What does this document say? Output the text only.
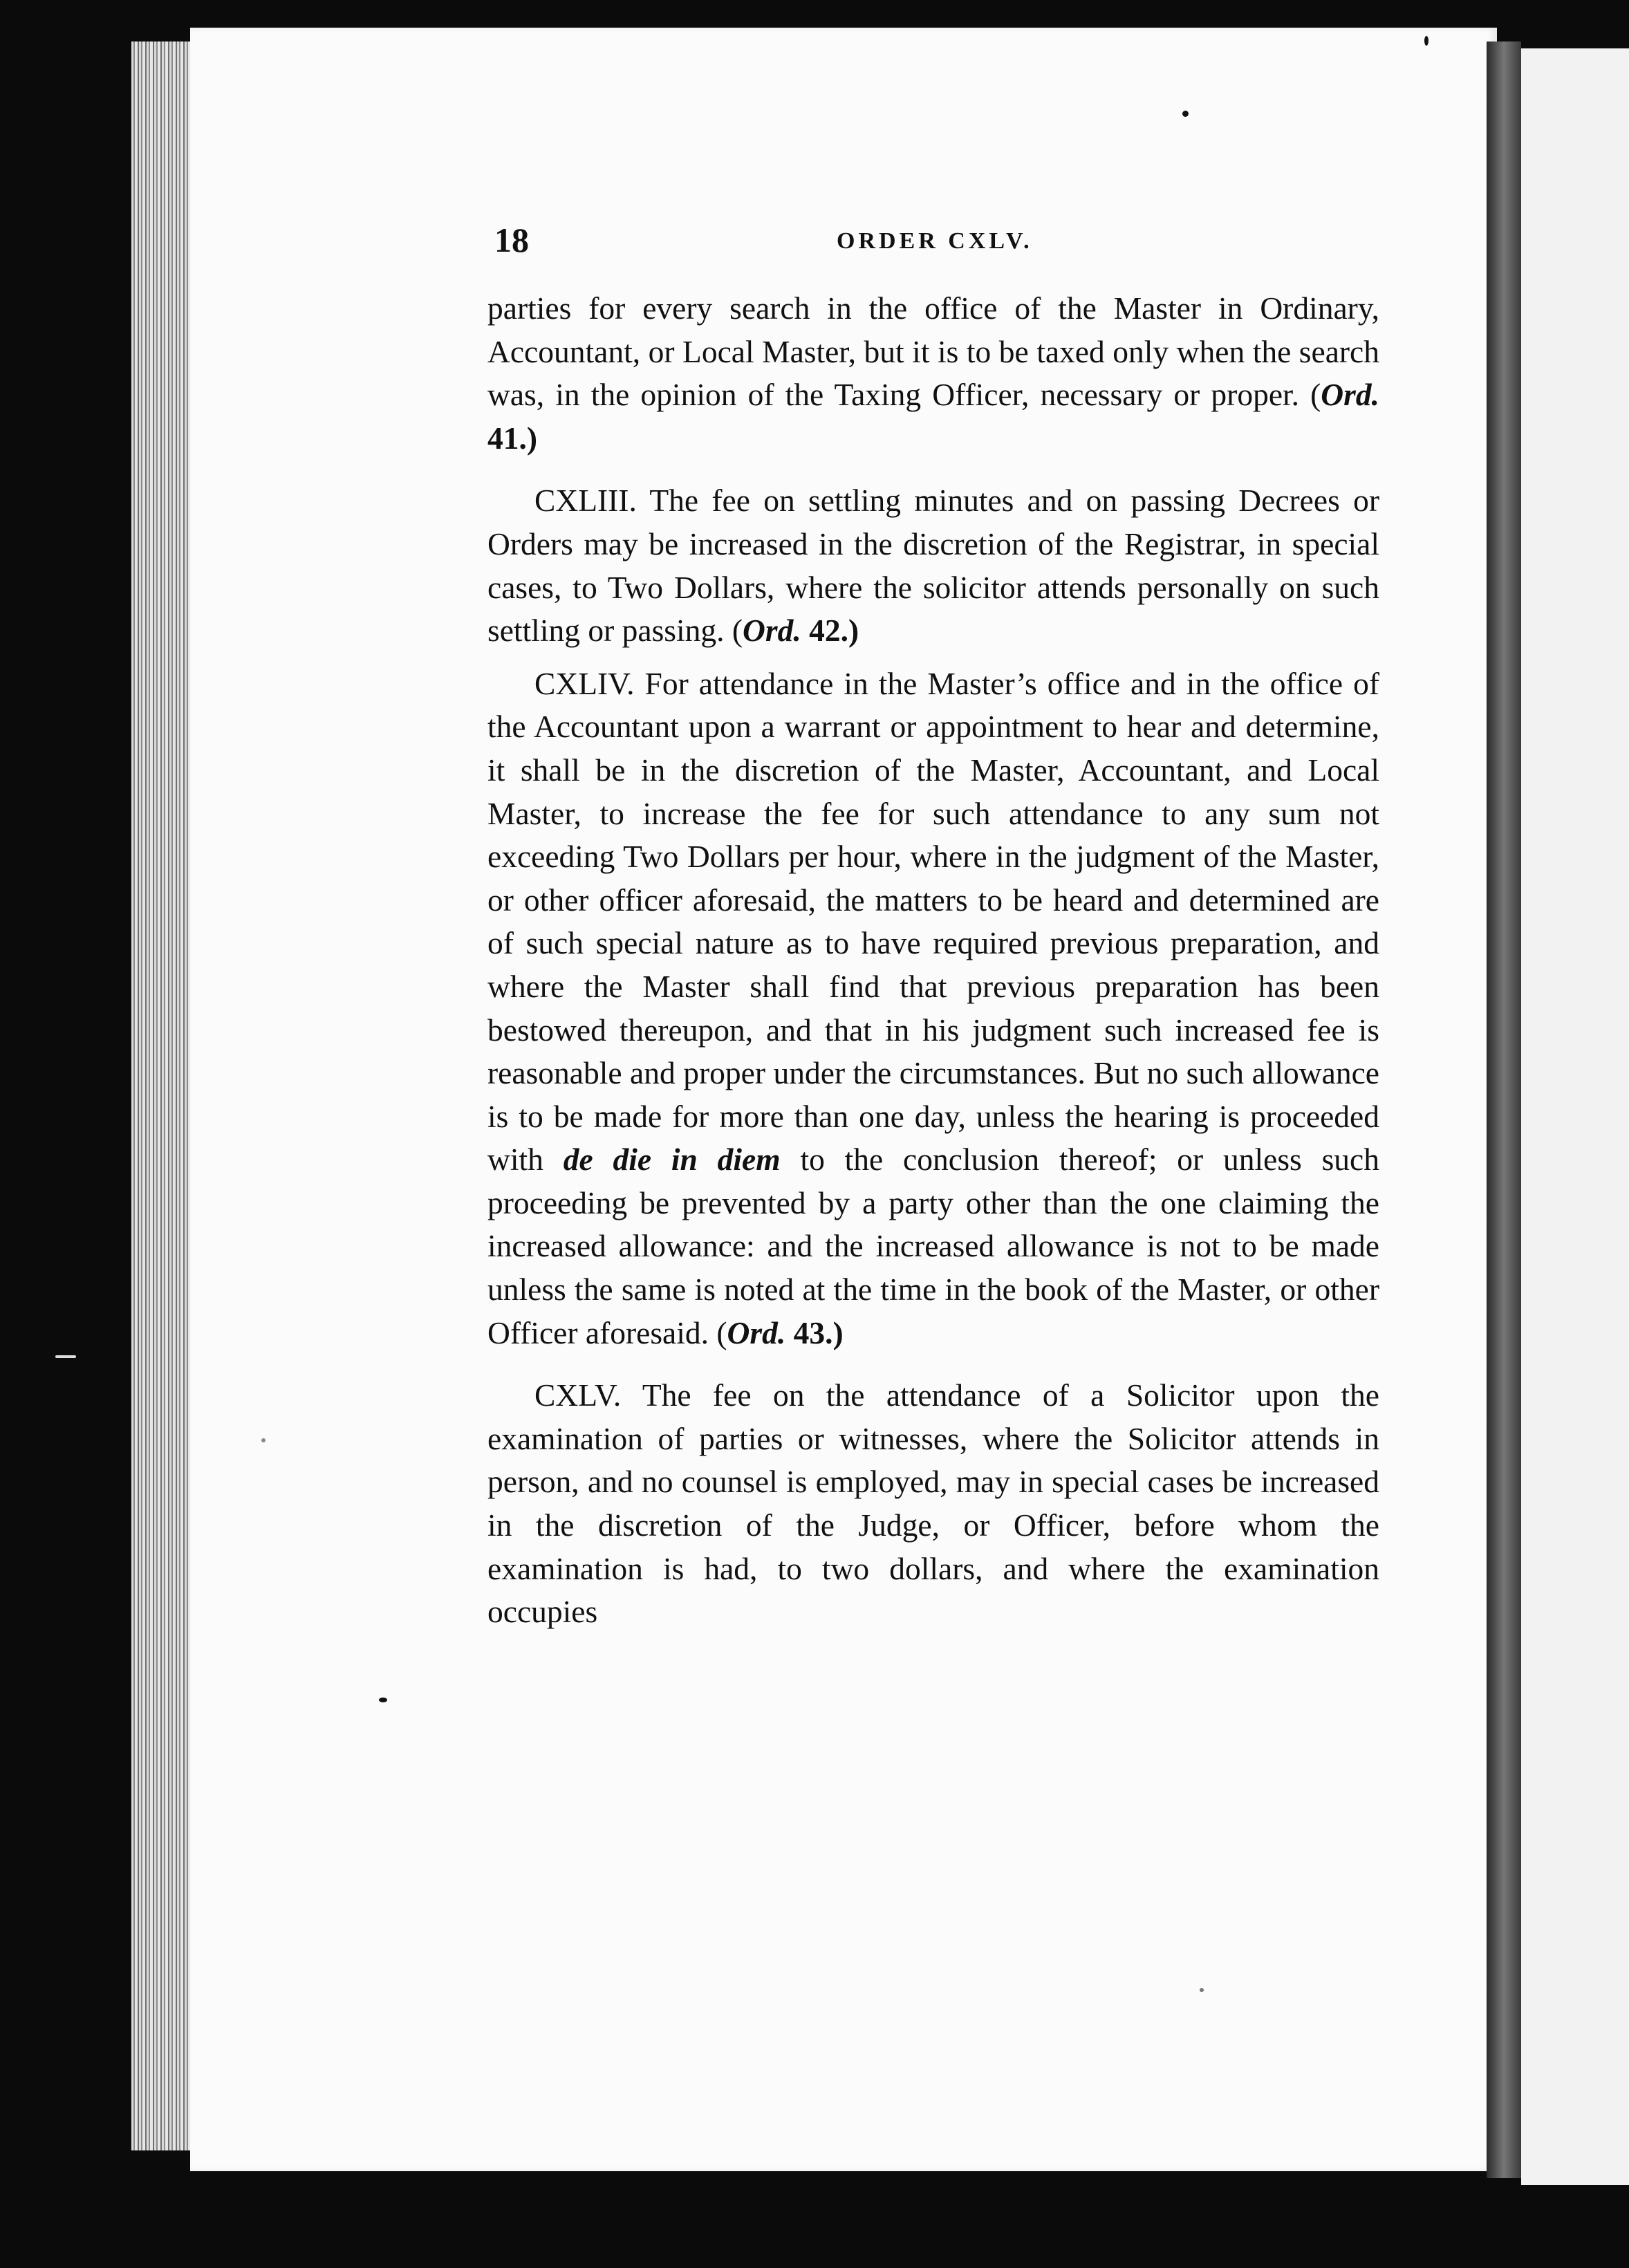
18	ORDER CXLV.

parties for every search in the office of the Master in Ordinary, Accountant, or Local Master, but it is to be taxed only when the search was, in the opinion of the Taxing Officer, necessary or proper. (Ord. 41.)

CXLIII. The fee on settling minutes and on passing Decrees or Orders may be increased in the discretion of the Registrar, in special cases, to Two Dollars, where the solicitor attends personally on such settling or passing. (Ord. 42.)

CXLIV. For attendance in the Master’s office and in the office of the Accountant upon a warrant or appointment to hear and determine, it shall be in the discretion of the Master, Accountant, and Local Master, to increase the fee for such attendance to any sum not exceeding Two Dollars per hour, where in the judgment of the Master, or other officer aforesaid, the matters to be heard and determined are of such special nature as to have required previous preparation, and where the Master shall find that previous preparation has been bestowed thereupon, and that in his judgment such increased fee is reasonable and proper under the circumstances. But no such allowance is to be made for more than one day, unless the hearing is proceeded with de die in diem to the conclusion thereof; or unless such proceeding be prevented by a party other than the one claiming the increased allowance: and the increased allowance is not to be made unless the same is noted at the time in the book of the Master, or other Officer aforesaid. (Ord. 43.)

CXLV. The fee on the attendance of a Solicitor upon the examination of parties or witnesses, where the Solicitor attends in person, and no counsel is employed, may in special cases be increased in the discretion of the Judge, or Officer, before whom the examination is had, to two dollars, and where the examination occupies
